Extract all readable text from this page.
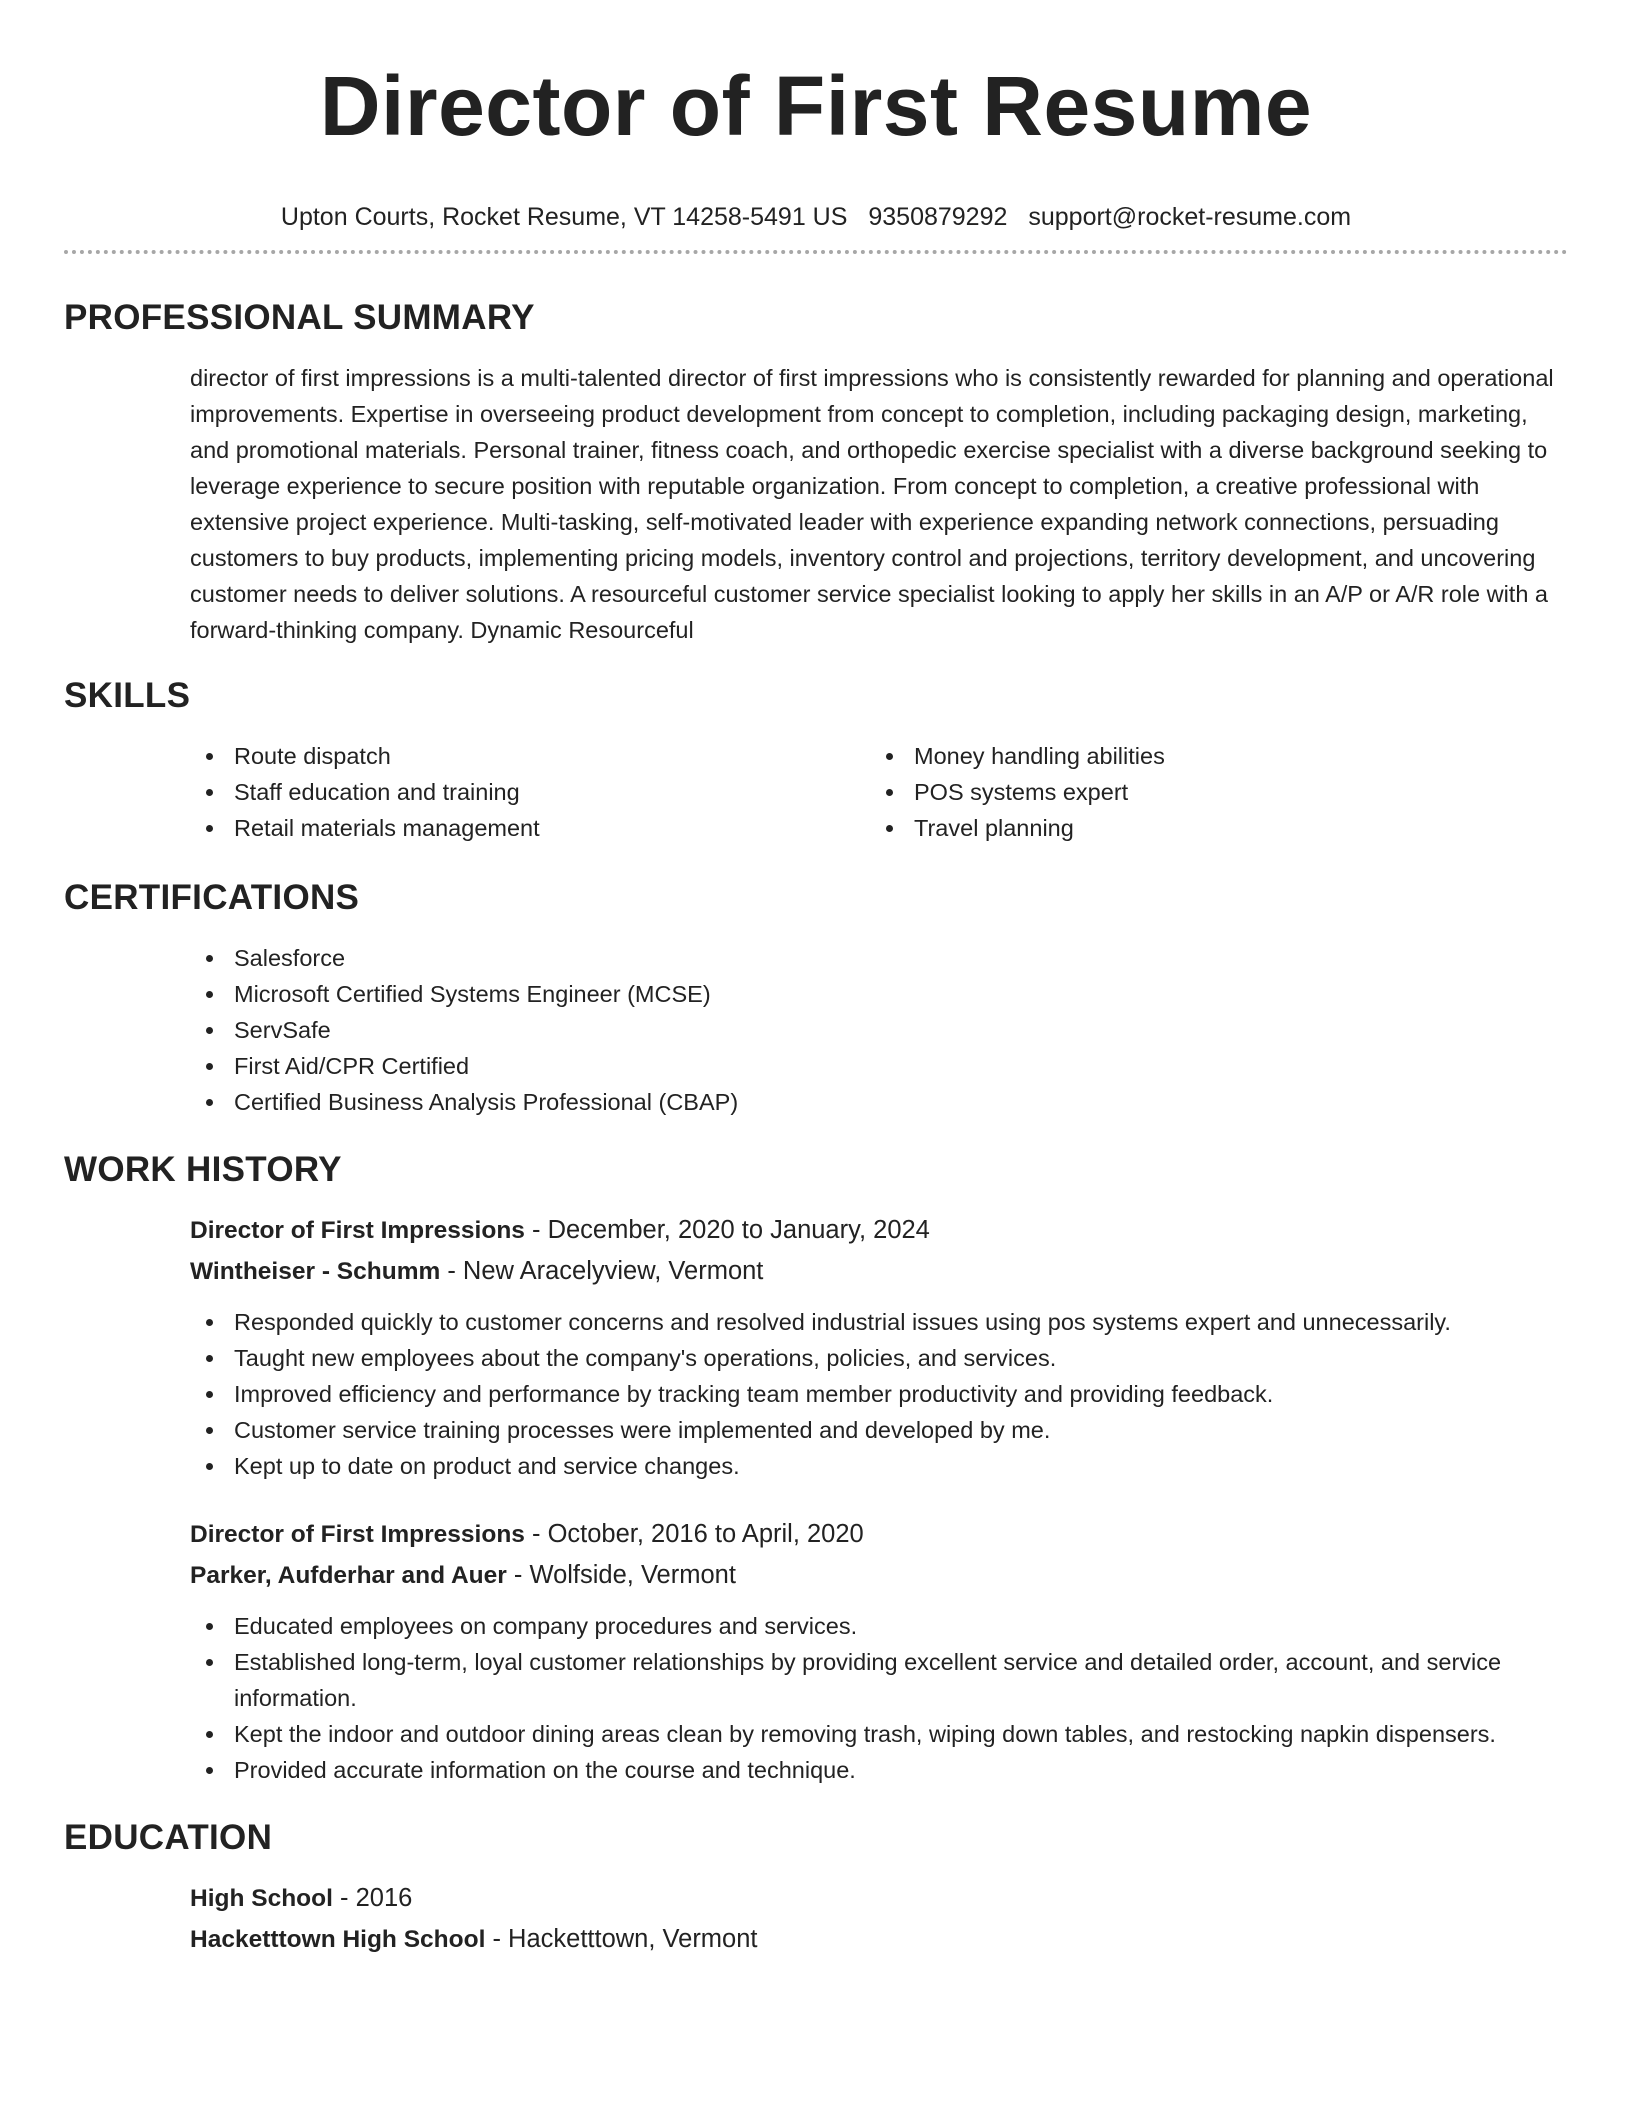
Director of First Resume
Upton Courts, Rocket Resume, VT 14258-5491 US 9350879292 support@rocket-resume.com
PROFESSIONAL SUMMARY

director of first impressions is a multi-talented director of first impressions who is consistently rewarded for planning and operational improvements. Expertise in overseeing product development from concept to completion, including packaging design, marketing, and promotional materials. Personal trainer, fitness coach, and orthopedic exercise specialist with a diverse background seeking to leverage experience to secure position with reputable organization. From concept to completion, a creative professional with extensive project experience. Multi-tasking, self-motivated leader with experience expanding network connections, persuading customers to buy products, implementing pricing models, inventory control and projections, territory development, and uncovering customer needs to deliver solutions. A resourceful customer service specialist looking to apply her skills in an A/P or A/R role with a forward-thinking company. Dynamic Resourceful

SKILLS
Route dispatch
Staff education and training
Retail materials management
Money handling abilities
POS systems expert
Travel planning
CERTIFICATIONS
Salesforce
Microsoft Certified Systems Engineer (MCSE)
ServSafe
First Aid/CPR Certified
Certified Business Analysis Professional (CBAP)
WORK HISTORY
Director of First Impressions - December, 2020 to January, 2024
Wintheiser - Schumm - New Aracelyview, Vermont
Responded quickly to customer concerns and resolved industrial issues using pos systems expert and unnecessarily.
Taught new employees about the company's operations, policies, and services.
Improved efficiency and performance by tracking team member productivity and providing feedback.
Customer service training processes were implemented and developed by me.
Kept up to date on product and service changes.
Director of First Impressions - October, 2016 to April, 2020
Parker, Aufderhar and Auer - Wolfside, Vermont
Educated employees on company procedures and services.
Established long-term, loyal customer relationships by providing excellent service and detailed order, account, and service information.
Kept the indoor and outdoor dining areas clean by removing trash, wiping down tables, and restocking napkin dispensers.
Provided accurate information on the course and technique.
EDUCATION
High School - 2016
Hacketttown High School - Hacketttown, Vermont
